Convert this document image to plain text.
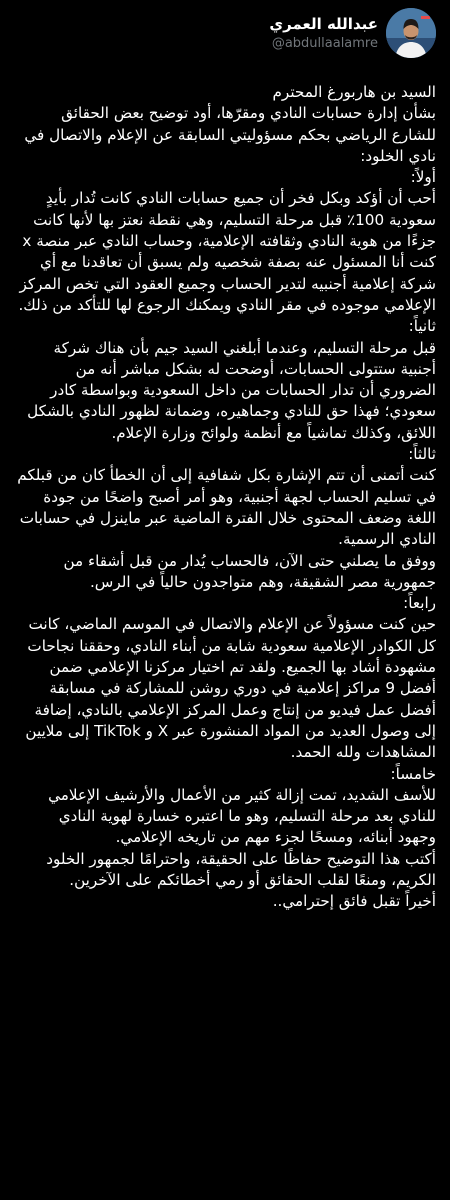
عبدالله العمري
@abdullaalamre

السيد بن هاربورغ المحترم

بشأن إدارة حسابات النادي ومقرّها، أود توضيح بعض الحقائق للشارع الرياضي بحكم مسؤوليتي السابقة عن الإعلام والاتصال في نادي الخلود:

أولاً:

أحب أن أؤكد وبكل فخر أن جميع حسابات النادي كانت تُدار بأيدٍ سعودية 100٪ قبل مرحلة التسليم، وهي نقطة نعتز بها لأنها كانت جزءًا من هوية النادي وثقافته الإعلامية، وحساب النادي عبر منصة x كنت أنا المسئول عنه بصفة شخصيه ولم يسبق أن تعاقدنا مع أي شركة إعلامية أجنبيه لتدير الحساب وجميع العقود التي تخص المركز الإعلامي موجوده في مقر النادي ويمكنك الرجوع لها للتأكد من ذلك.

ثانياً:

قبل مرحلة التسليم، وعندما أبلغني السيد جيم بأن هناك شركة أجنبية ستتولى الحسابات، أوضحت له بشكل مباشر أنه من الضروري أن تدار الحسابات من داخل السعودية وبواسطة كادر سعودي؛ فهذا حق للنادي وجماهيره، وضمانة لظهور النادي بالشكل اللائق، وكذلك تماشياً مع أنظمة ولوائح وزارة الإعلام.

ثالثاً:

كنت أتمنى أن تتم الإشارة بكل شفافية إلى أن الخطأ كان من قبلكم في تسليم الحساب لجهة أجنبية، وهو أمر أصبح واضحًا من جودة اللغة وضعف المحتوى خلال الفترة الماضية عبر ماينزل في حسابات النادي الرسمية.

ووفق ما يصلني حتى الآن، فالحساب يُدار من قبل أشقاء من جمهورية مصر الشقيقة، وهم متواجدون حالياً في الرس.

رابعاً:

حين كنت مسؤولاً عن الإعلام والاتصال في الموسم الماضي، كانت كل الكوادر الإعلامية سعودية شابة من أبناء النادي، وحققنا نجاحات مشهودة أشاد بها الجميع. ولقد تم اختيار مركزنا الإعلامي ضمن أفضل 9 مراكز إعلامية في دوري روشن للمشاركة في مسابقة أفضل عمل فيديو من إنتاج وعمل المركز الإعلامي بالنادي، إضافة إلى وصول العديد من المواد المنشورة عبر X و TikTok إلى ملايين المشاهدات ولله الحمد.

خامساً:

للأسف الشديد، تمت إزالة كثير من الأعمال والأرشيف الإعلامي للنادي بعد مرحلة التسليم، وهو ما اعتبره خسارة لهوية النادي وجهود أبنائه، ومسحًا لجزء مهم من تاريخه الإعلامي.

أكتب هذا التوضيح حفاظًا على الحقيقة، واحترامًا لجمهور الخلود الكريم، ومنعًا لقلب الحقائق أو رمي أخطائكم على الآخرين.

أخيراً تقبل فائق إحترامي..
